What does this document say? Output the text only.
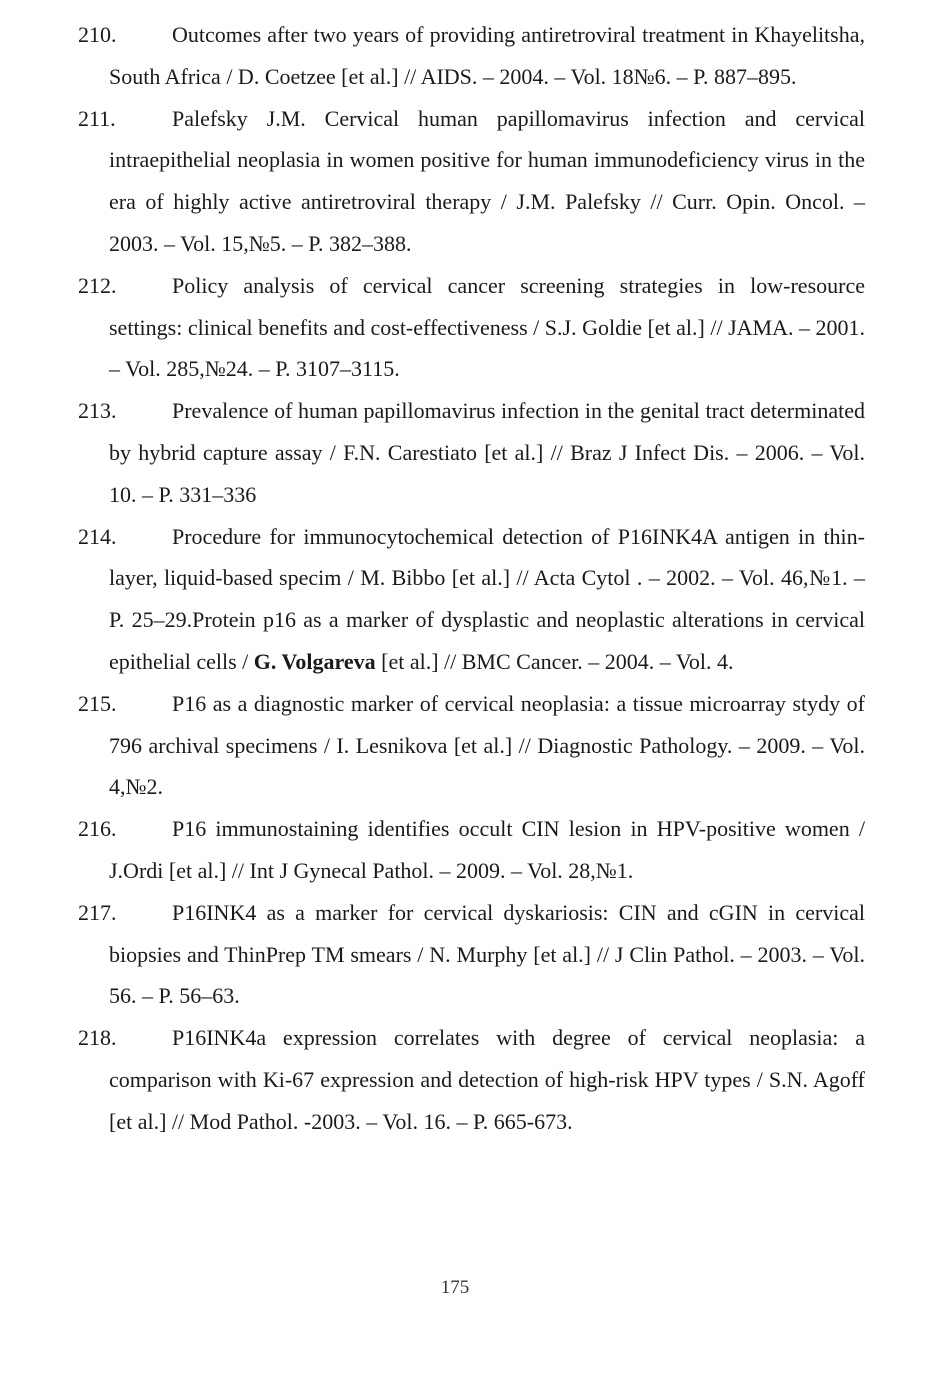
210.	Outcomes after two years of providing antiretroviral treatment in Khayelitsha, South Africa / D. Coetzee [et al.] // AIDS. – 2004. – Vol. 18№6. – P. 887–895.
211.	Palefsky J.M. Cervical human papillomavirus infection and cervical intraepithelial neoplasia in women positive for human immunodeficiency virus in the era of highly active antiretroviral therapy / J.M. Palefsky // Curr. Opin. Oncol. – 2003. – Vol. 15,№5. – P. 382–388.
212.	Policy analysis of cervical cancer screening strategies in low-resource settings: clinical benefits and cost-effectiveness / S.J. Goldie [et al.] // JAMA. – 2001. – Vol. 285,№24. – P. 3107–3115.
213.	Prevalence of human papillomavirus infection in the genital tract determinated by hybrid capture assay / F.N. Carestiato [et al.] // Braz J Infect Dis. – 2006. – Vol. 10. – P. 331–336
214.	Procedure for immunocytochemical detection of P16INK4A antigen in thin-layer, liquid-based specim / M. Bibbo [et al.] // Acta Cytol . – 2002. – Vol. 46,№1. – P. 25–29.Protein p16 as a marker of dysplastic and neoplastic alterations in cervical epithelial cells / G. Volgareva [et al.] // BMC Cancer. – 2004. – Vol. 4.
215.	P16 as a diagnostic marker of cervical neoplasia: a tissue microarray stydy of 796 archival specimens / I. Lesnikova [et al.] // Diagnostic Pathology. – 2009. – Vol. 4,№2.
216.	P16 immunostaining identifies occult CIN lesion in HPV-positive women / J.Ordi [et al.] // Int J Gynecal Pathol. – 2009. – Vol. 28,№1.
217.	P16INK4 as a marker for cervical dyskariosis: CIN and cGIN in cervical biopsies and ThinPrep TM smears / N. Murphy [et al.] // J Clin Pathol. – 2003. – Vol. 56. – P. 56–63.
218.	P16INK4a expression correlates with degree of cervical neoplasia: a comparison with Ki-67 expression and detection of high-risk HPV types / S.N. Agoff [et al.] // Mod Pathol. -2003. – Vol. 16. – P. 665-673.
175
